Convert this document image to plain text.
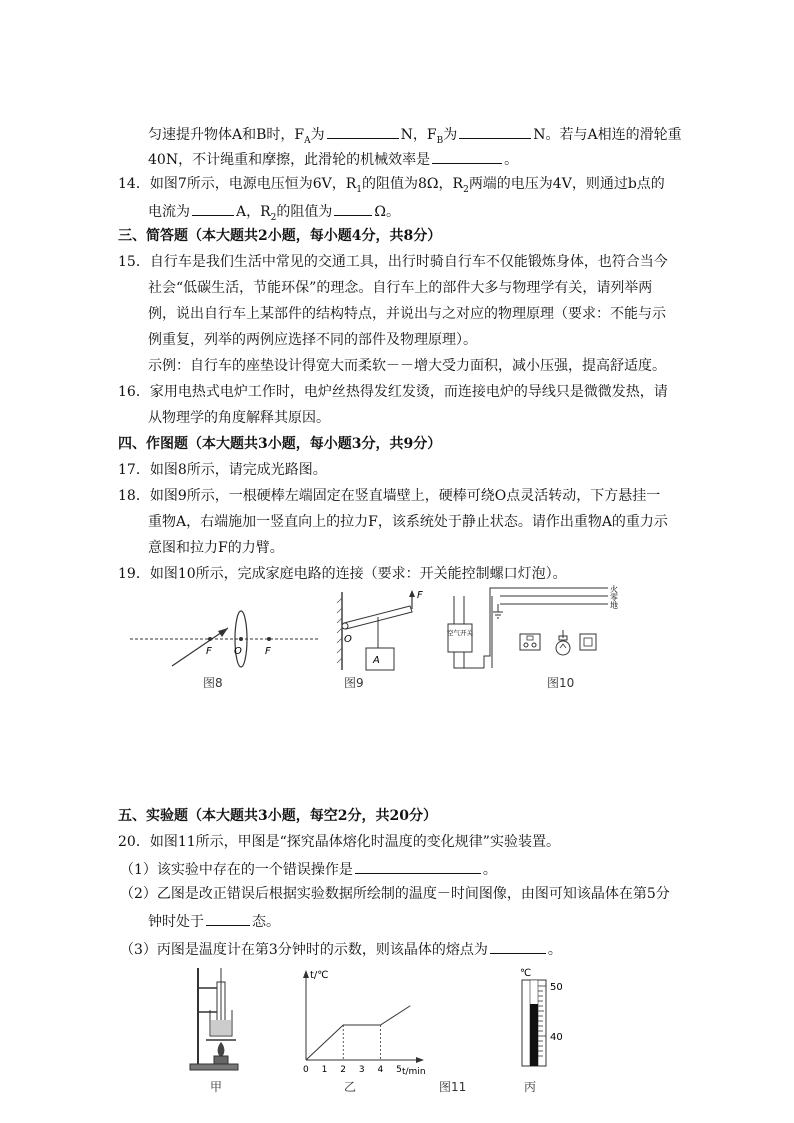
匀速提升物体A和B时，$F_A$为	N，$F_B$为	N。若与A相连的滑轮重
40N，不计绳重和摩擦，此滑轮的机械效率是	。
14．如图7所示，电源电压恒为6V，$R_1$的阻值为8Ω，$R_2$两端的电压为4V，则通过b点的
电流为	A，$R_2$的阻值为	Ω。
三、简答题（本大题共2小题，每小题4分，共8分）
15．自行车是我们生活中常见的交通工具，出行时骑自行车不仅能锻炼身体，也符合当今
社会“低碳生活，节能环保”的理念。自行车上的部件大多与物理学有关，请列举两
例，说出自行车上某部件的结构特点，并说出与之对应的物理原理（要求：不能与示
例重复，列举的两例应选择不同的部件及物理原理）。
示例：自行车的座垫设计得宽大而柔软－－增大受力面积，减小压强，提高舒适度。
16．家用电热式电炉工作时，电炉丝热得发红发烫，而连接电炉的导线只是微微发热，请
从物理学的角度解释其原因。
四、作图题（本大题共3小题，每小题3分，共9分）
17．如图8所示，请完成光路图。
18．如图9所示，一根硬棒左端固定在竖直墙壁上，硬棒可绕O点灵活转动，下方悬挂一
重物A，右端施加一竖直向上的拉力F，该系统处于静止状态。请作出重物A的重力示
意图和拉力F的力臂。
19．如图10所示，完成家庭电路的连接（要求：开关能控制螺口灯泡）。
F O F
图8
F
O
A
图9
火
零
地
空气开关
图10
五、实验题（本大题共3小题，每空2分，共20分）
20．如图11所示，甲图是“探究晶体熔化时温度的变化规律”实验装置。
（1）该实验中存在的一个错误操作是	。
（2）乙图是改正错误后根据实验数据所绘制的温度－时间图像，由图可知该晶体在第5分
钟时处于	态。
（3）丙图是温度计在第3分钟时的示数，则该晶体的熔点为	。
甲
t/℃
t/min
0 1 2 3 4 5
乙	图11
℃
50
40
丙
